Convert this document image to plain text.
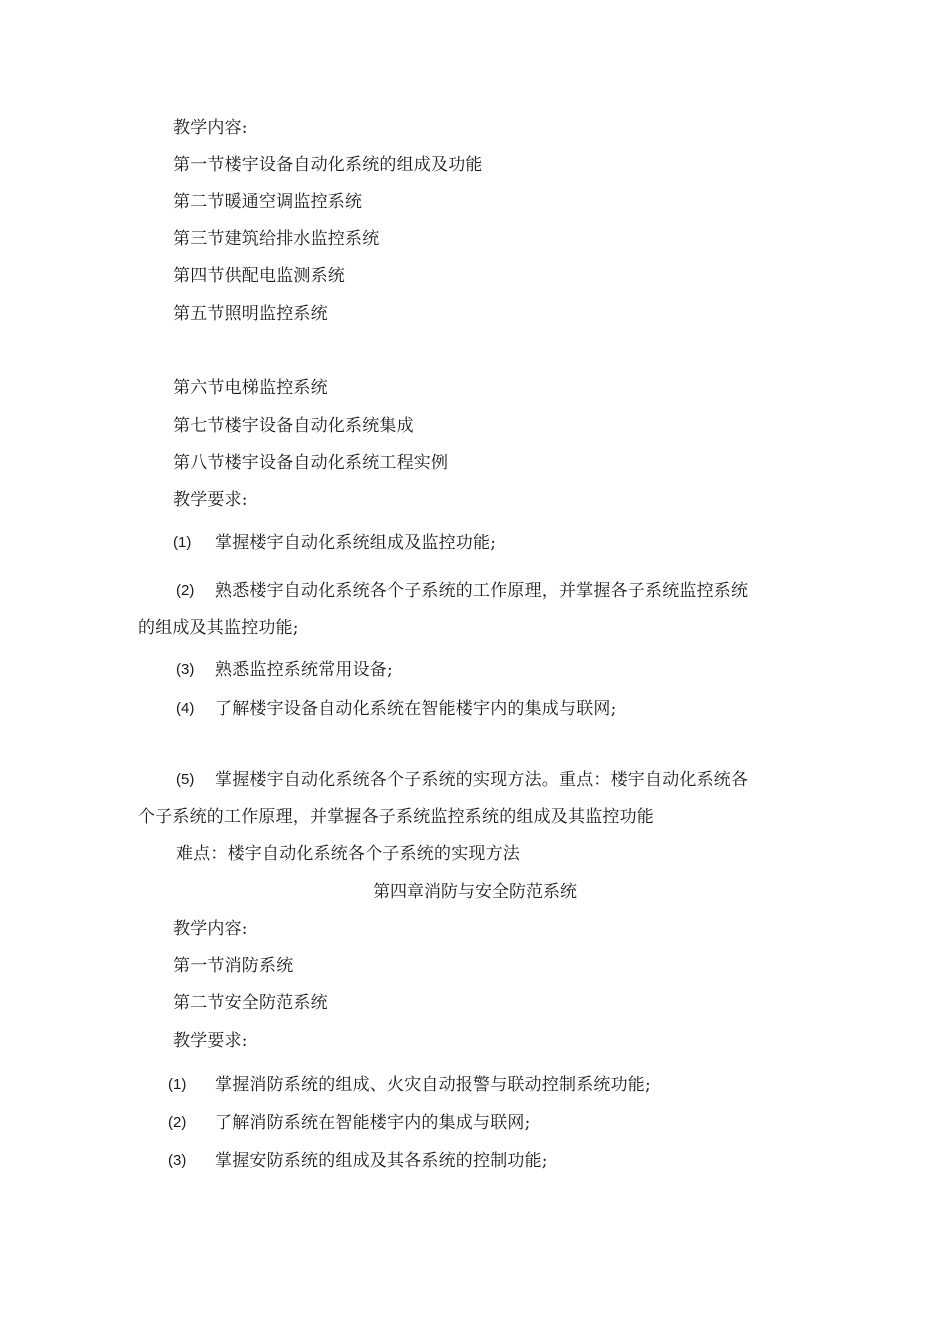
教学内容:
第一节楼宇设备自动化系统的组成及功能
第二节暖通空调监控系统
第三节建筑给排水监控系统
第四节供配电监测系统
第五节照明监控系统
第六节电梯监控系统
第七节楼宇设备自动化系统集成
第八节楼宇设备自动化系统工程实例
教学要求:
(1) 掌握楼宇自动化系统组成及监控功能;
(2) 熟悉楼宇自动化系统各个子系统的工作原理，并掌握各子系统监控系统
的组成及其监控功能;
(3) 熟悉监控系统常用设备;
(4) 了解楼宇设备自动化系统在智能楼宇内的集成与联网;
(5) 掌握楼宇自动化系统各个子系统的实现方法。重点：楼宇自动化系统各
个子系统的工作原理，并掌握各子系统监控系统的组成及其监控功能
难点：楼宇自动化系统各个子系统的实现方法
第四章消防与安全防范系统
教学内容:
第一节消防系统
第二节安全防范系统
教学要求:
(1) 掌握消防系统的组成、火灾自动报警与联动控制系统功能;
(2) 了解消防系统在智能楼宇内的集成与联网;
(3) 掌握安防系统的组成及其各系统的控制功能;
